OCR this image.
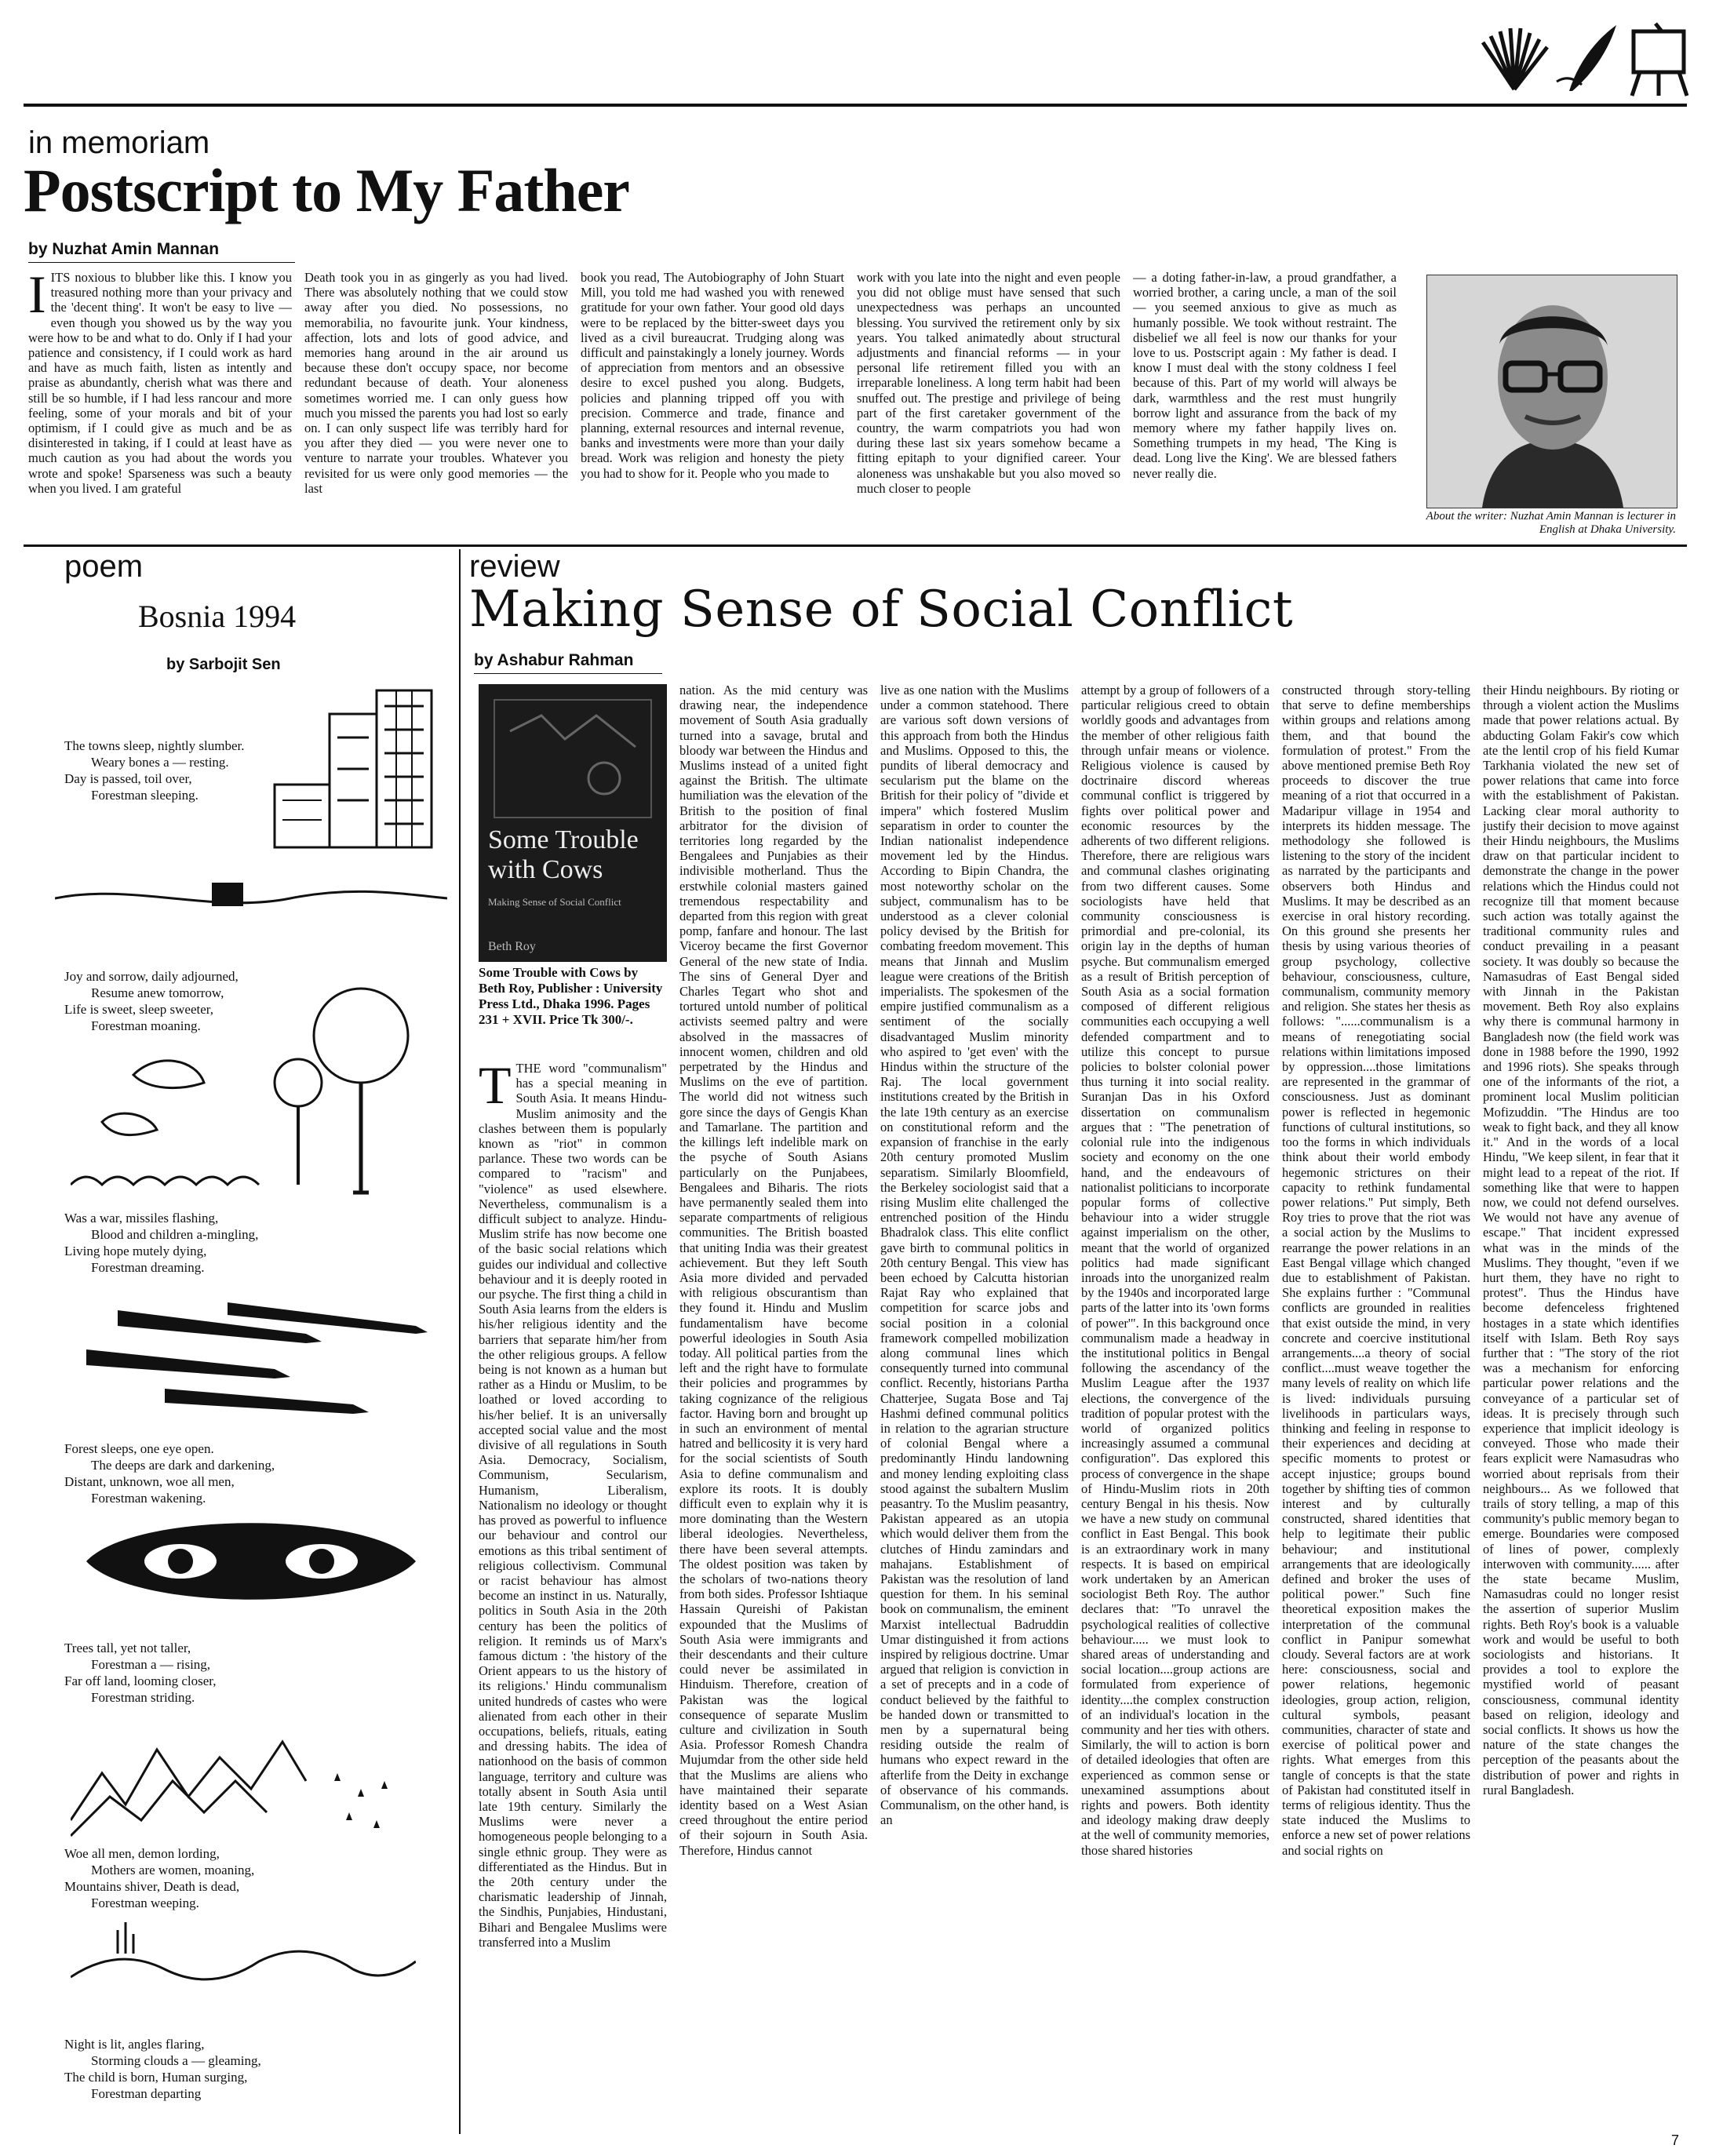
in memoriam
Postscript to My Father
by Nuzhat Amin Mannan

IITS noxious to blubber like this. I know you treasured nothing more than your privacy and the 'decent thing'. It won't be easy to live — even though you showed us by the way you were how to be and what to do. Only if I had your patience and consistency, if I could work as hard and have as much faith, listen as intently and praise as abundantly, cherish what was there and still be so humble, if I had less rancour and more feeling, some of your morals and bit of your optimism, if I could give as much and be as disinterested in taking, if I could at least have as much caution as you had about the words you wrote and spoke! Sparseness was such a beauty when you lived. I am grateful

Death took you in as gingerly as you had lived. There was absolutely nothing that we could stow away after you died. No possessions, no memorabilia, no favourite junk. Your kindness, affection, lots and lots of good advice, and memories hang around in the air around us because these don't occupy space, nor become redundant because of death. Your aloneness sometimes worried me. I can only guess how much you missed the parents you had lost so early on. I can only suspect life was terribly hard for you after they died — you were never one to venture to narrate your troubles. Whatever you revisited for us were only good memories — the last
book you read, The Autobiography of John Stuart Mill, you told me had washed you with renewed gratitude for your own father. Your good old days were to be replaced by the bitter-sweet days you lived as a civil bureaucrat. Trudging along was difficult and painstakingly a lonely journey. Words of appreciation from mentors and an obsessive desire to excel pushed you along. Budgets, policies and planning tripped off you with precision. Commerce and trade, finance and planning, external resources and internal revenue, banks and investments were more than your daily bread. Work was religion and honesty the piety you had to show for it. People who you made to
work with you late into the night and even people you did not oblige must have sensed that such unexpectedness was perhaps an uncounted blessing. You survived the retirement only by six years. You talked animatedly about structural adjustments and financial reforms — in your personal life retirement filled you with an irreparable loneliness. A long term habit had been snuffed out. The prestige and privilege of being part of the first caretaker government of the country, the warm compatriots you had won during these last six years somehow became a fitting epitaph to your dignified career. Your aloneness was unshakable but you also moved so much closer to people
— a doting father-in-law, a proud grandfather, a worried brother, a caring uncle, a man of the soil — you seemed anxious to give as much as humanly possible. We took without restraint. The disbelief we all feel is now our thanks for your love to us. Postscript again : My father is dead. I know I must deal with the stony coldness I feel because of this. Part of my world will always be dark, warmthless and the rest must hungrily borrow light and assurance from the back of my memory where my father happily lives on. Something trumpets in my head, 'The King is dead. Long live the King'. We are blessed fathers never really die.
About the writer: Nuzhat Amin Mannan is lecturer in English at Dhaka University.
poem
Bosnia 1994
by Sarbojit Sen
The towns sleep, nightly slumber.
Weary bones a — resting.
Day is passed, toil over,
Forestman sleeping.
Joy and sorrow, daily adjourned,
Resume anew tomorrow,
Life is sweet, sleep sweeter,
Forestman moaning.
Was a war, missiles flashing,
Blood and children a-mingling,
Living hope mutely dying,
Forestman dreaming.
Forest sleeps, one eye open.
The deeps are dark and darkening,
Distant, unknown, woe all men,
Forestman wakening.
Trees tall, yet not taller,
Forestman a — rising,
Far off land, looming closer,
Forestman striding.
Woe all men, demon lording,
Mothers are women, moaning,
Mountains shiver, Death is dead,
Forestman weeping.
Night is lit, angles flaring,
Storming clouds a — gleaming,
The child is born, Human surging,
Forestman departing
review
Making Sense of Social Conflict
by Ashabur Rahman
Some Trouble with Cows
Making Sense of Social Conflict
Beth Roy
Some Trouble with Cows by Beth Roy, Publisher : University Press Ltd., Dhaka 1996. Pages 231 + XVII. Price Tk 300/-.

TTHE word "communalism" has a special meaning in South Asia. It means Hindu-Muslim animosity and the clashes between them is popularly known as "riot" in common parlance. These two words can be compared to "racism" and "violence" as used elsewhere. Nevertheless, communalism is a difficult subject to analyze. Hindu-Muslim strife has now become one of the basic social relations which guides our individual and collective behaviour and it is deeply rooted in our psyche. The first thing a child in South Asia learns from the elders is his/her religious identity and the barriers that separate him/her from the other religious groups. A fellow being is not known as a human but rather as a Hindu or Muslim, to be loathed or loved according to his/her belief. It is an universally accepted social value and the most divisive of all regulations in South Asia. Democracy, Socialism, Communism, Secularism, Humanism, Liberalism, Nationalism no ideology or thought has proved as powerful to influence our behaviour and control our emotions as this tribal sentiment of religious collectivism. Communal or racist behaviour has almost become an instinct in us. Naturally, politics in South Asia in the 20th century has been the politics of religion. It reminds us of Marx's famous dictum : 'the history of the Orient appears to us the history of its religions.' Hindu communalism united hundreds of castes who were alienated from each other in their occupations, beliefs, rituals, eating and dressing habits. The idea of nationhood on the basis of common language, territory and culture was totally absent in South Asia until late 19th century. Similarly the Muslims were never a homogeneous people belonging to a single ethnic group. They were as differentiated as the Hindus. But in the 20th century under the charismatic leadership of Jinnah, the Sindhis, Punjabies, Hindustani, Bihari and Bengalee Muslims were transferred into a Muslim

nation. As the mid century was drawing near, the independence movement of South Asia gradually turned into a savage, brutal and bloody war between the Hindus and Muslims instead of a united fight against the British. The ultimate humiliation was the elevation of the British to the position of final arbitrator for the division of territories long regarded by the Bengalees and Punjabies as their indivisible motherland. Thus the erstwhile colonial masters gained tremendous respectability and departed from this region with great pomp, fanfare and honour. The last Viceroy became the first Governor General of the new state of India. The sins of General Dyer and Charles Tegart who shot and tortured untold number of political activists seemed paltry and were absolved in the massacres of innocent women, children and old perpetrated by the Hindus and Muslims on the eve of partition. The world did not witness such gore since the days of Gengis Khan and Tamarlane. The partition and the killings left indelible mark on the psyche of South Asians particularly on the Punjabees, Bengalees and Biharis. The riots have permanently sealed them into separate compartments of religious communities. The British boasted that uniting India was their greatest achievement. But they left South Asia more divided and pervaded with religious obscurantism than they found it. Hindu and Muslim fundamentalism have become powerful ideologies in South Asia today. All political parties from the left and the right have to formulate their policies and programmes by taking cognizance of the religious factor. Having born and brought up in such an environment of mental hatred and bellicosity it is very hard for the social scientists of South Asia to define communalism and explore its roots. It is doubly difficult even to explain why it is more dominating than the Western liberal ideologies. Nevertheless, there have been several attempts. The oldest position was taken by the scholars of two-nations theory from both sides. Professor Ishtiaque Hassain Qureishi of Pakistan expounded that the Muslims of South Asia were immigrants and their descendants and their culture could never be assimilated in Hinduism. Therefore, creation of Pakistan was the logical consequence of separate Muslim culture and civilization in South Asia. Professor Romesh Chandra Mujumdar from the other side held that the Muslims are aliens who have maintained their separate identity based on a West Asian creed throughout the entire period of their sojourn in South Asia. Therefore, Hindus cannot
live as one nation with the Muslims under a common statehood. There are various soft down versions of this approach from both the Hindus and Muslims. Opposed to this, the pundits of liberal democracy and secularism put the blame on the British for their policy of "divide et impera" which fostered Muslim separatism in order to counter the Indian nationalist independence movement led by the Hindus. According to Bipin Chandra, the most noteworthy scholar on the subject, communalism has to be understood as a clever colonial policy devised by the British for combating freedom movement. This means that Jinnah and Muslim league were creations of the British imperialists. The spokesmen of the empire justified communalism as a sentiment of the socially disadvantaged Muslim minority who aspired to 'get even' with the Hindus within the structure of the Raj. The local government institutions created by the British in the late 19th century as an exercise on constitutional reform and the expansion of franchise in the early 20th century promoted Muslim separatism. Similarly Bloomfield, the Berkeley sociologist said that a rising Muslim elite challenged the entrenched position of the Hindu Bhadralok class. This elite conflict gave birth to communal politics in 20th century Bengal. This view has been echoed by Calcutta historian Rajat Ray who explained that competition for scarce jobs and social position in a colonial framework compelled mobilization along communal lines which consequently turned into communal conflict. Recently, historians Partha Chatterjee, Sugata Bose and Taj Hashmi defined communal politics in relation to the agrarian structure of colonial Bengal where a predominantly Hindu landowning and money lending exploiting class stood against the subaltern Muslim peasantry. To the Muslim peasantry, Pakistan appeared as an utopia which would deliver them from the clutches of Hindu zamindars and mahajans. Establishment of Pakistan was the resolution of land question for them. In his seminal book on communalism, the eminent Marxist intellectual Badruddin Umar distinguished it from actions inspired by religious doctrine. Umar argued that religion is conviction in a set of precepts and in a code of conduct believed by the faithful to be handed down or transmitted to men by a supernatural being residing outside the realm of humans who expect reward in the afterlife from the Deity in exchange of observance of his commands. Communalism, on the other hand, is an
attempt by a group of followers of a particular religious creed to obtain worldly goods and advantages from the member of other religious faith through unfair means or violence. Religious violence is caused by doctrinaire discord whereas communal conflict is triggered by fights over political power and economic resources by the adherents of two different religions. Therefore, there are religious wars and communal clashes originating from two different causes. Some sociologists have held that community consciousness is primordial and pre-colonial, its origin lay in the depths of human psyche. But communalism emerged as a result of British perception of South Asia as a social formation composed of different religious communities each occupying a well defended compartment and to utilize this concept to pursue policies to bolster colonial power thus turning it into social reality. Suranjan Das in his Oxford dissertation on communalism argues that : "The penetration of colonial rule into the indigenous society and economy on the one hand, and the endeavours of nationalist politicians to incorporate popular forms of collective behaviour into a wider struggle against imperialism on the other, meant that the world of organized politics had made significant inroads into the unorganized realm by the 1940s and incorporated large parts of the latter into its 'own forms of power'". In this background once communalism made a headway in the institutional politics in Bengal following the ascendancy of the Muslim League after the 1937 elections, the convergence of the tradition of popular protest with the world of organized politics increasingly assumed a communal configuration". Das explored this process of convergence in the shape of Hindu-Muslim riots in 20th century Bengal in his thesis. Now we have a new study on communal conflict in East Bengal. This book is an extraordinary work in many respects. It is based on empirical work undertaken by an American sociologist Beth Roy. The author declares that: "To unravel the psychological realities of collective behaviour..... we must look to shared areas of understanding and social location....group actions are formulated from experience of identity....the complex construction of an individual's location in the community and her ties with others. Similarly, the will to action is born of detailed ideologies that often are experienced as common sense or unexamined assumptions about rights and powers. Both identity and ideology making draw deeply at the well of community memories, those shared histories
constructed through story-telling that serve to define memberships within groups and relations among them, and that bound the formulation of protest." From the above mentioned premise Beth Roy proceeds to discover the true meaning of a riot that occurred in a Madaripur village in 1954 and interprets its hidden message. The methodology she followed is listening to the story of the incident as narrated by the participants and observers both Hindus and Muslims. It may be described as an exercise in oral history recording. On this ground she presents her thesis by using various theories of group psychology, collective behaviour, consciousness, culture, communalism, community memory and religion. She states her thesis as follows: "......communalism is a means of renegotiating social relations within limitations imposed by oppression....those limitations are represented in the grammar of consciousness. Just as dominant power is reflected in hegemonic functions of cultural institutions, so too the forms in which individuals think about their world embody hegemonic strictures on their capacity to rethink fundamental power relations." Put simply, Beth Roy tries to prove that the riot was a social action by the Muslims to rearrange the power relations in an East Bengal village which changed due to establishment of Pakistan. She explains further : "Communal conflicts are grounded in realities that exist outside the mind, in very concrete and coercive institutional arrangements....a theory of social conflict....must weave together the many levels of reality on which life is lived: individuals pursuing livelihoods in particulars ways, thinking and feeling in response to their experiences and deciding at specific moments to protest or accept injustice; groups bound together by shifting ties of common interest and by culturally constructed, shared identities that help to legitimate their public behaviour; and institutional arrangements that are ideologically defined and broker the uses of political power." Such fine theoretical exposition makes the interpretation of the communal conflict in Panipur somewhat cloudy. Several factors are at work here: consciousness, social and power relations, hegemonic ideologies, group action, religion, cultural symbols, peasant communities, character of state and exercise of political power and rights. What emerges from this tangle of concepts is that the state of Pakistan had constituted itself in terms of religious identity. Thus the state induced the Muslims to enforce a new set of power relations and social rights on
their Hindu neighbours. By rioting or through a violent action the Muslims made that power relations actual. By abducting Golam Fakir's cow which ate the lentil crop of his field Kumar Tarkhania violated the new set of power relations that came into force with the establishment of Pakistan. Lacking clear moral authority to justify their decision to move against their Hindu neighbours, the Muslims draw on that particular incident to demonstrate the change in the power relations which the Hindus could not recognize till that moment because such action was totally against the traditional community rules and conduct prevailing in a peasant society. It was doubly so because the Namasudras of East Bengal sided with Jinnah in the Pakistan movement. Beth Roy also explains why there is communal harmony in Bangladesh now (the field work was done in 1988 before the 1990, 1992 and 1996 riots). She speaks through one of the informants of the riot, a prominent local Muslim politician Mofizuddin. "The Hindus are too weak to fight back, and they all know it." And in the words of a local Hindu, "We keep silent, in fear that it might lead to a repeat of the riot. If something like that were to happen now, we could not defend ourselves. We would not have any avenue of escape." That incident expressed what was in the minds of the Muslims. They thought, "even if we hurt them, they have no right to protest". Thus the Hindus have become defenceless frightened hostages in a state which identifies itself with Islam. Beth Roy says further that : "The story of the riot was a mechanism for enforcing particular power relations and the conveyance of a particular set of ideas. It is precisely through such experience that implicit ideology is conveyed. Those who made their fears explicit were Namasudras who worried about reprisals from their neighbours... As we followed that trails of story telling, a map of this community's public memory began to emerge. Boundaries were composed of lines of power, complexly interwoven with community...... after the state became Muslim, Namasudras could no longer resist the assertion of superior Muslim rights. Beth Roy's book is a valuable work and would be useful to both sociologists and historians. It provides a tool to explore the mystified world of peasant consciousness, communal identity based on religion, ideology and social conflicts. It shows us how the nature of the state changes the perception of the peasants about the distribution of power and rights in rural Bangladesh.
7
